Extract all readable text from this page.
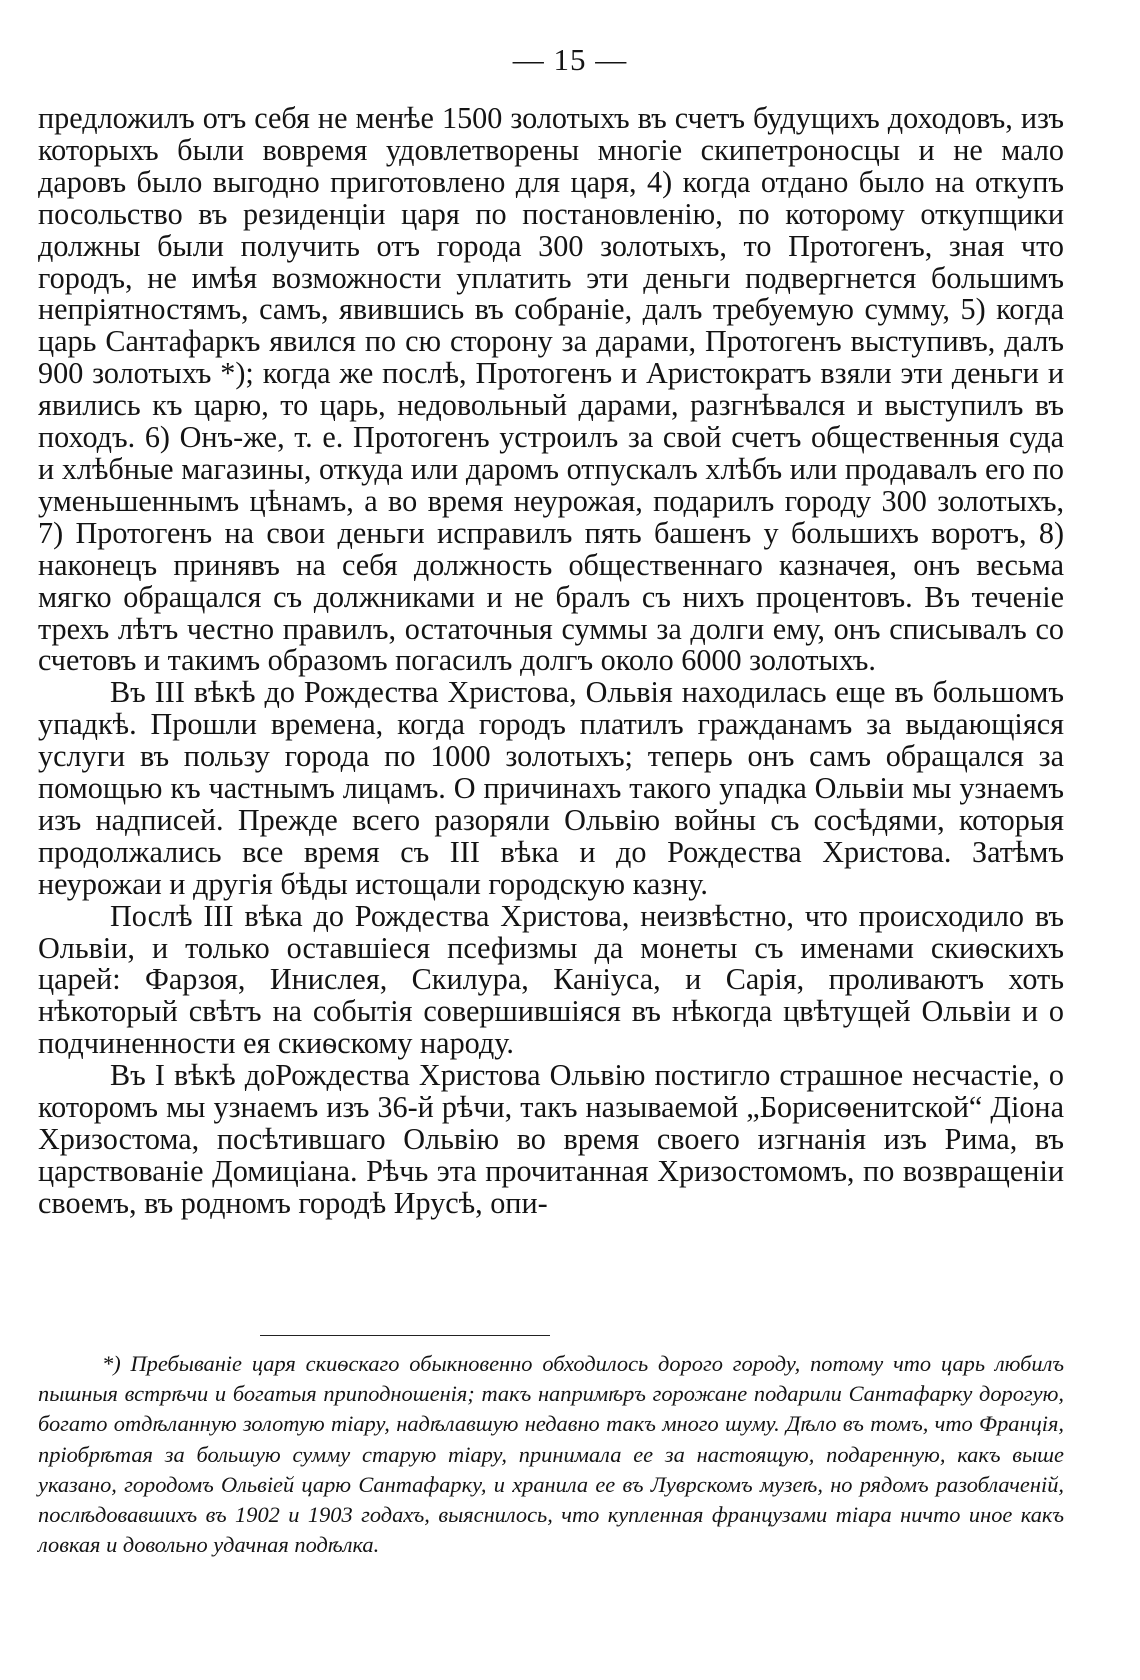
— 15 —

предложилъ отъ себя не менѣе 1500 золотыхъ въ счетъ будущихъ доходовъ, изъ которыхъ были вовремя удовлетворены многіе скипетроносцы и не мало даровъ было выгодно приготовлено для царя, 4) когда отдано было на откупъ посольство въ резиденціи царя по постановленію, по которому откупщики должны были получить отъ города 300 золотыхъ, то Протогенъ, зная что городъ, не имѣя возможности уплатить эти деньги подвергнется большимъ непріятностямъ, самъ, явившись въ собраніе, далъ требуемую сумму, 5) когда царь Сантафаркъ явился по сю сторону за дарами, Протогенъ выступивъ, далъ 900 золотыхъ *); когда же послѣ, Протогенъ и Аристократъ взяли эти деньги и явились къ царю, то царь, недовольный дарами, разгнѣвался и выступилъ въ походъ. 6) Онъ-же, т. е. Протогенъ устроилъ за свой счетъ общественныя суда и хлѣбные магазины, откуда или даромъ отпускалъ хлѣбъ или продавалъ его по уменьшеннымъ цѣнамъ, а во время неурожая, подарилъ городу 300 золотыхъ, 7) Протогенъ на свои деньги исправилъ пять башенъ у большихъ воротъ, 8) наконецъ принявъ на себя должность общественнаго казначея, онъ весьма мягко обращался съ должниками и не бралъ съ нихъ процентовъ. Въ теченіе трехъ лѣтъ честно правилъ, остаточныя суммы за долги ему, онъ списывалъ со счетовъ и такимъ образомъ погасилъ долгъ около 6000 золотыхъ.

Въ III вѣкѣ до Рождества Христова, Ольвія находилась еще въ большомъ упадкѣ. Прошли времена, когда городъ платилъ гражданамъ за выдающіяся услуги въ пользу города по 1000 золотыхъ; теперь онъ самъ обращался за помощью къ частнымъ лицамъ. О причинахъ такого упадка Ольвіи мы узнаемъ изъ надписей. Прежде всего разоряли Ольвію войны съ сосѣдями, которыя продолжались все время съ III вѣка и до Рождества Христова. Затѣмъ неурожаи и другія бѣды истощали городскую казну.

Послѣ III вѣка до Рождества Христова, неизвѣстно, что происходило въ Ольвіи, и только оставшіеся псефизмы да монеты съ именами скиѳскихъ царей: Фарзоя, Инислея, Скилура, Каніуса, и Сарія, проливаютъ хоть нѣкоторый свѣтъ на событія совершившіяся въ нѣкогда цвѣтущей Ольвіи и о подчиненности ея скиѳскому народу.

Въ I вѣкѣ доРождества Христова Ольвію постигло страшное несчастіе, о которомъ мы узнаемъ изъ 36-й рѣчи, такъ называемой „Борисѳенитской“ Діона Хризостома, посѣтившаго Ольвію во время своего изгнанія изъ Рима, въ царствованіе Домиціана. Рѣчь эта прочитанная Хризостомомъ, по возвращеніи своемъ, въ родномъ городѣ Ирусѣ, опи-

*) Пребываніе царя скиѳскаго обыкновенно обходилось дорого городу, потому что царь любилъ пышныя встрѣчи и богатыя приподношенія; такъ напримѣръ горожане подарили Сантафарку дорогую, богато отдѣланную золотую тіару, надѣлавшую недавно такъ много шуму. Дѣло въ томъ, что Франція, пріобрѣтая за большую сумму старую тіару, принимала ее за настоящую, подаренную, какъ выше указано, городомъ Ольвіей царю Сантафарку, и хранила ее въ Луврскомъ музеѣ, но рядомъ разоблаченій, послѣдовавшихъ въ 1902 и 1903 годахъ, выяснилось, что купленная французами тіара ничто иное какъ ловкая и довольно удачная подѣлка.
